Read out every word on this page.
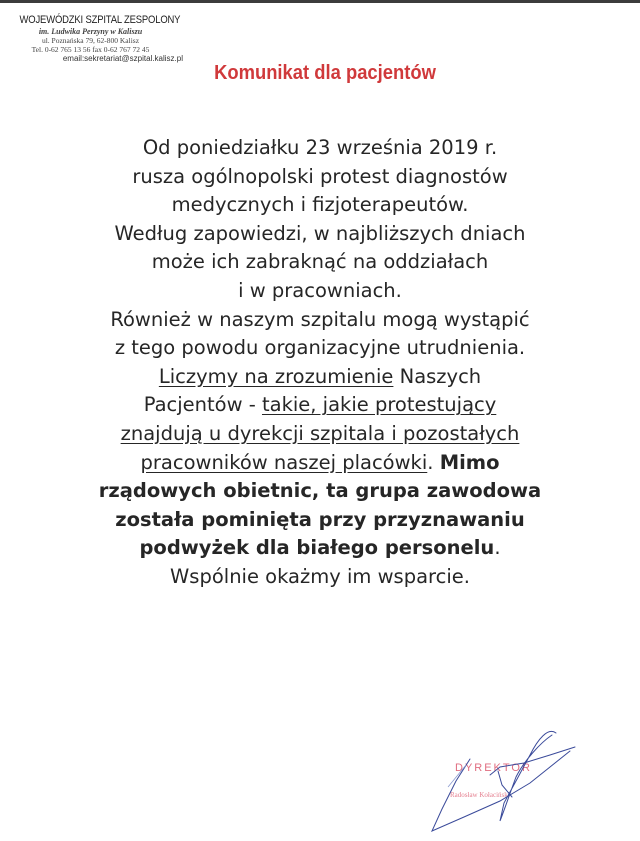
WOJEWÓDZKI SZPITAL ZESPOLONY
im. Ludwika Perzyny w Kaliszu
ul. Poznańska 79, 62-800 Kalisz
Tel. 0-62 765 13 56 fax 0-62 767 72 45
email:sekretariat@szpital.kalisz.pl
Komunikat dla pacjentów
Od poniedziałku 23 września 2019 r.
rusza ogólnopolski protest diagnostów
medycznych i fizjoterapeutów.
Według zapowiedzi, w najbliższych dniach
może ich zabraknąć na oddziałach
i w pracowniach.
Również w naszym szpitalu mogą wystąpić
z tego powodu organizacyjne utrudnienia.
Liczymy na zrozumienie Naszych
Pacjentów - takie, jakie protestujący
znajdują u dyrekcji szpitala i pozostałych
pracowników naszej placówki. Mimo
rządowych obietnic, ta grupa zawodowa
została pominięta przy przyznawaniu
podwyżek dla białego personelu.
Wspólnie okażmy im wsparcie.
DYREKTOR
Radosław Kołaciński
